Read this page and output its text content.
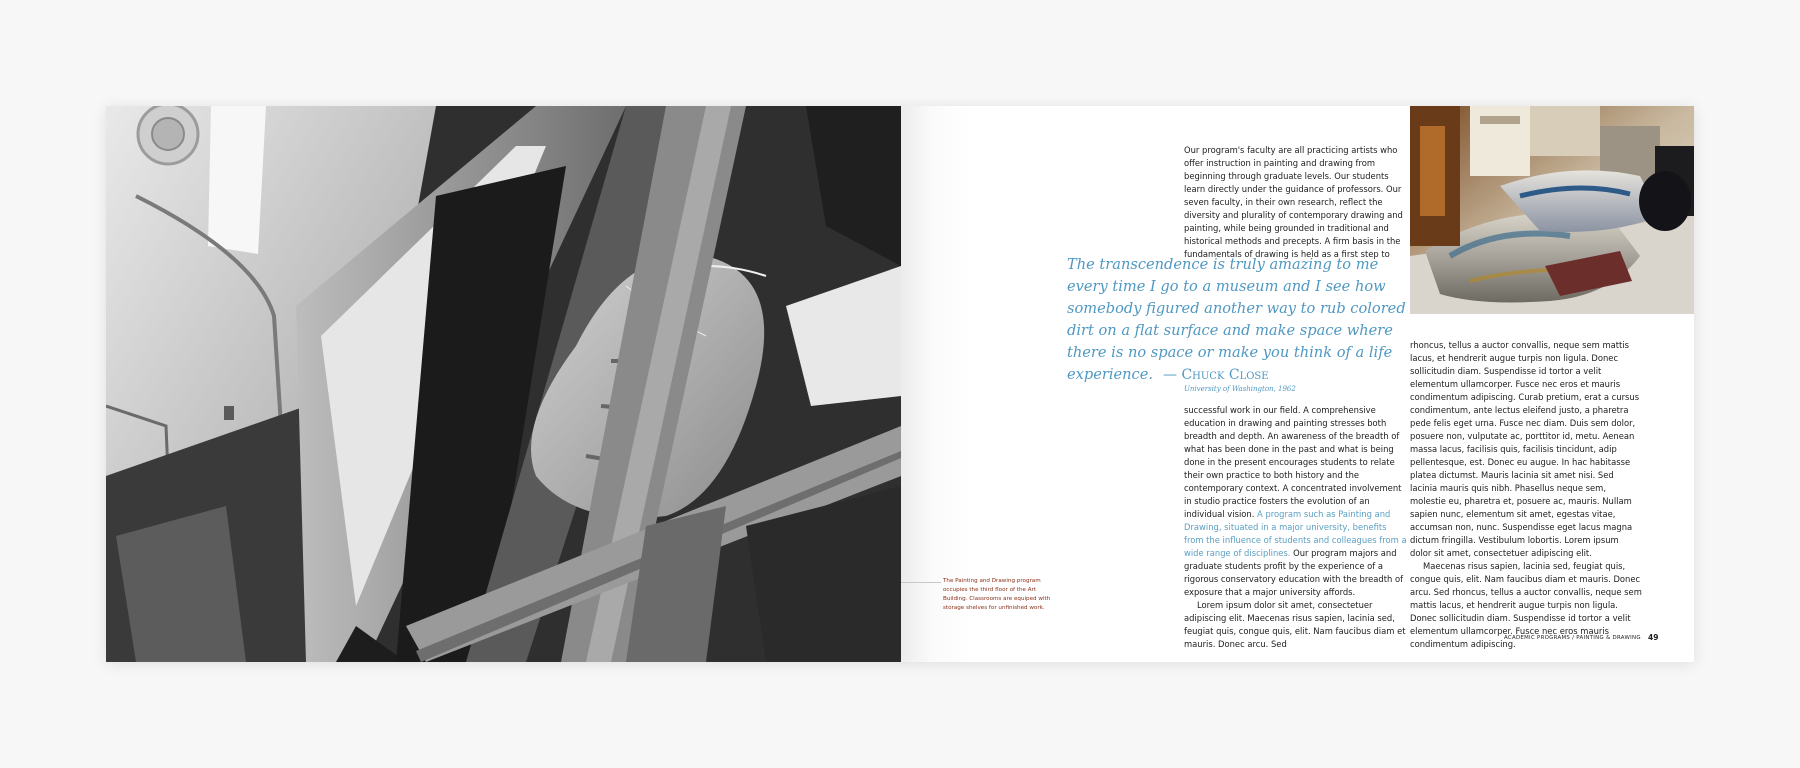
Our program's faculty are all practicing artists who offer instruction in painting and drawing from beginning through graduate levels. Our students learn directly under the guidance of professors. Our seven faculty, in their own research, reflect the diversity and plurality of contemporary drawing and painting, while being grounded in traditional and historical methods and precepts. A firm basis in the fundamentals of drawing is held as a first step to

The transcendence is truly amazing to me every time I go to a museum and I see how somebody figured another way to rub colored dirt on a flat surface and make space where there is no space or make you think of a life experience. — Chuck Close
University of Washington, 1962
successful work in our field. A comprehensive education in drawing and painting stresses both breadth and depth. An awareness of the breadth of what has been done in the past and what is being done in the present encourages students to relate their own practice to both history and the contemporary context. A concentrated involvement in studio practice fosters the evolution of an individual vision. A program such as Painting and Drawing, situated in a major university, benefits from the influence of students and colleagues from a wide range of disciplines. Our program majors and graduate students profit by the experience of a rigorous conservatory education with the breadth of exposure that a major university affords.
Lorem ipsum dolor sit amet, consectetuer adipiscing elit. Maecenas risus sapien, lacinia sed, feugiat quis, congue quis, elit. Nam faucibus diam et mauris. Donec arcu. Sed
rhoncus, tellus a auctor convallis, neque sem mattis lacus, et hendrerit augue turpis non ligula. Donec sollicitudin diam. Suspendisse id tortor a velit elementum ullamcorper. Fusce nec eros et mauris condimentum adipiscing. Curab pretium, erat a cursus condimentum, ante lectus eleifend justo, a pharetra pede felis eget urna. Fusce nec diam. Duis sem dolor, posuere non, vulputate ac, porttitor id, metu. Aenean massa lacus, facilisis quis, facilisis tincidunt, adip pellentesque, est. Donec eu augue. In hac habitasse platea dictumst. Mauris lacinia sit amet nisi. Sed lacinia mauris quis nibh. Phasellus neque sem, molestie eu, pharetra et, posuere ac, mauris. Nullam sapien nunc, elementum sit amet, egestas vitae, accumsan non, nunc. Suspendisse eget lacus magna dictum fringilla. Vestibulum lobortis. Lorem ipsum dolor sit amet, consectetuer adipiscing elit.
Maecenas risus sapien, lacinia sed, feugiat quis, congue quis, elit. Nam faucibus diam et mauris. Donec arcu. Sed rhoncus, tellus a auctor convallis, neque sem mattis lacus, et hendrerit augue turpis non ligula. Donec sollicitudin diam. Suspendisse id tortor a velit elementum ullamcorper. Fusce nec eros mauris condimentum adipiscing.

The Painting and Drawing program occupies the third floor of the Art Building. Classrooms are equiped with storage shelves for unfinished work.

ACADEMIC PROGRAMS / PAINTING & DRAWING 49
